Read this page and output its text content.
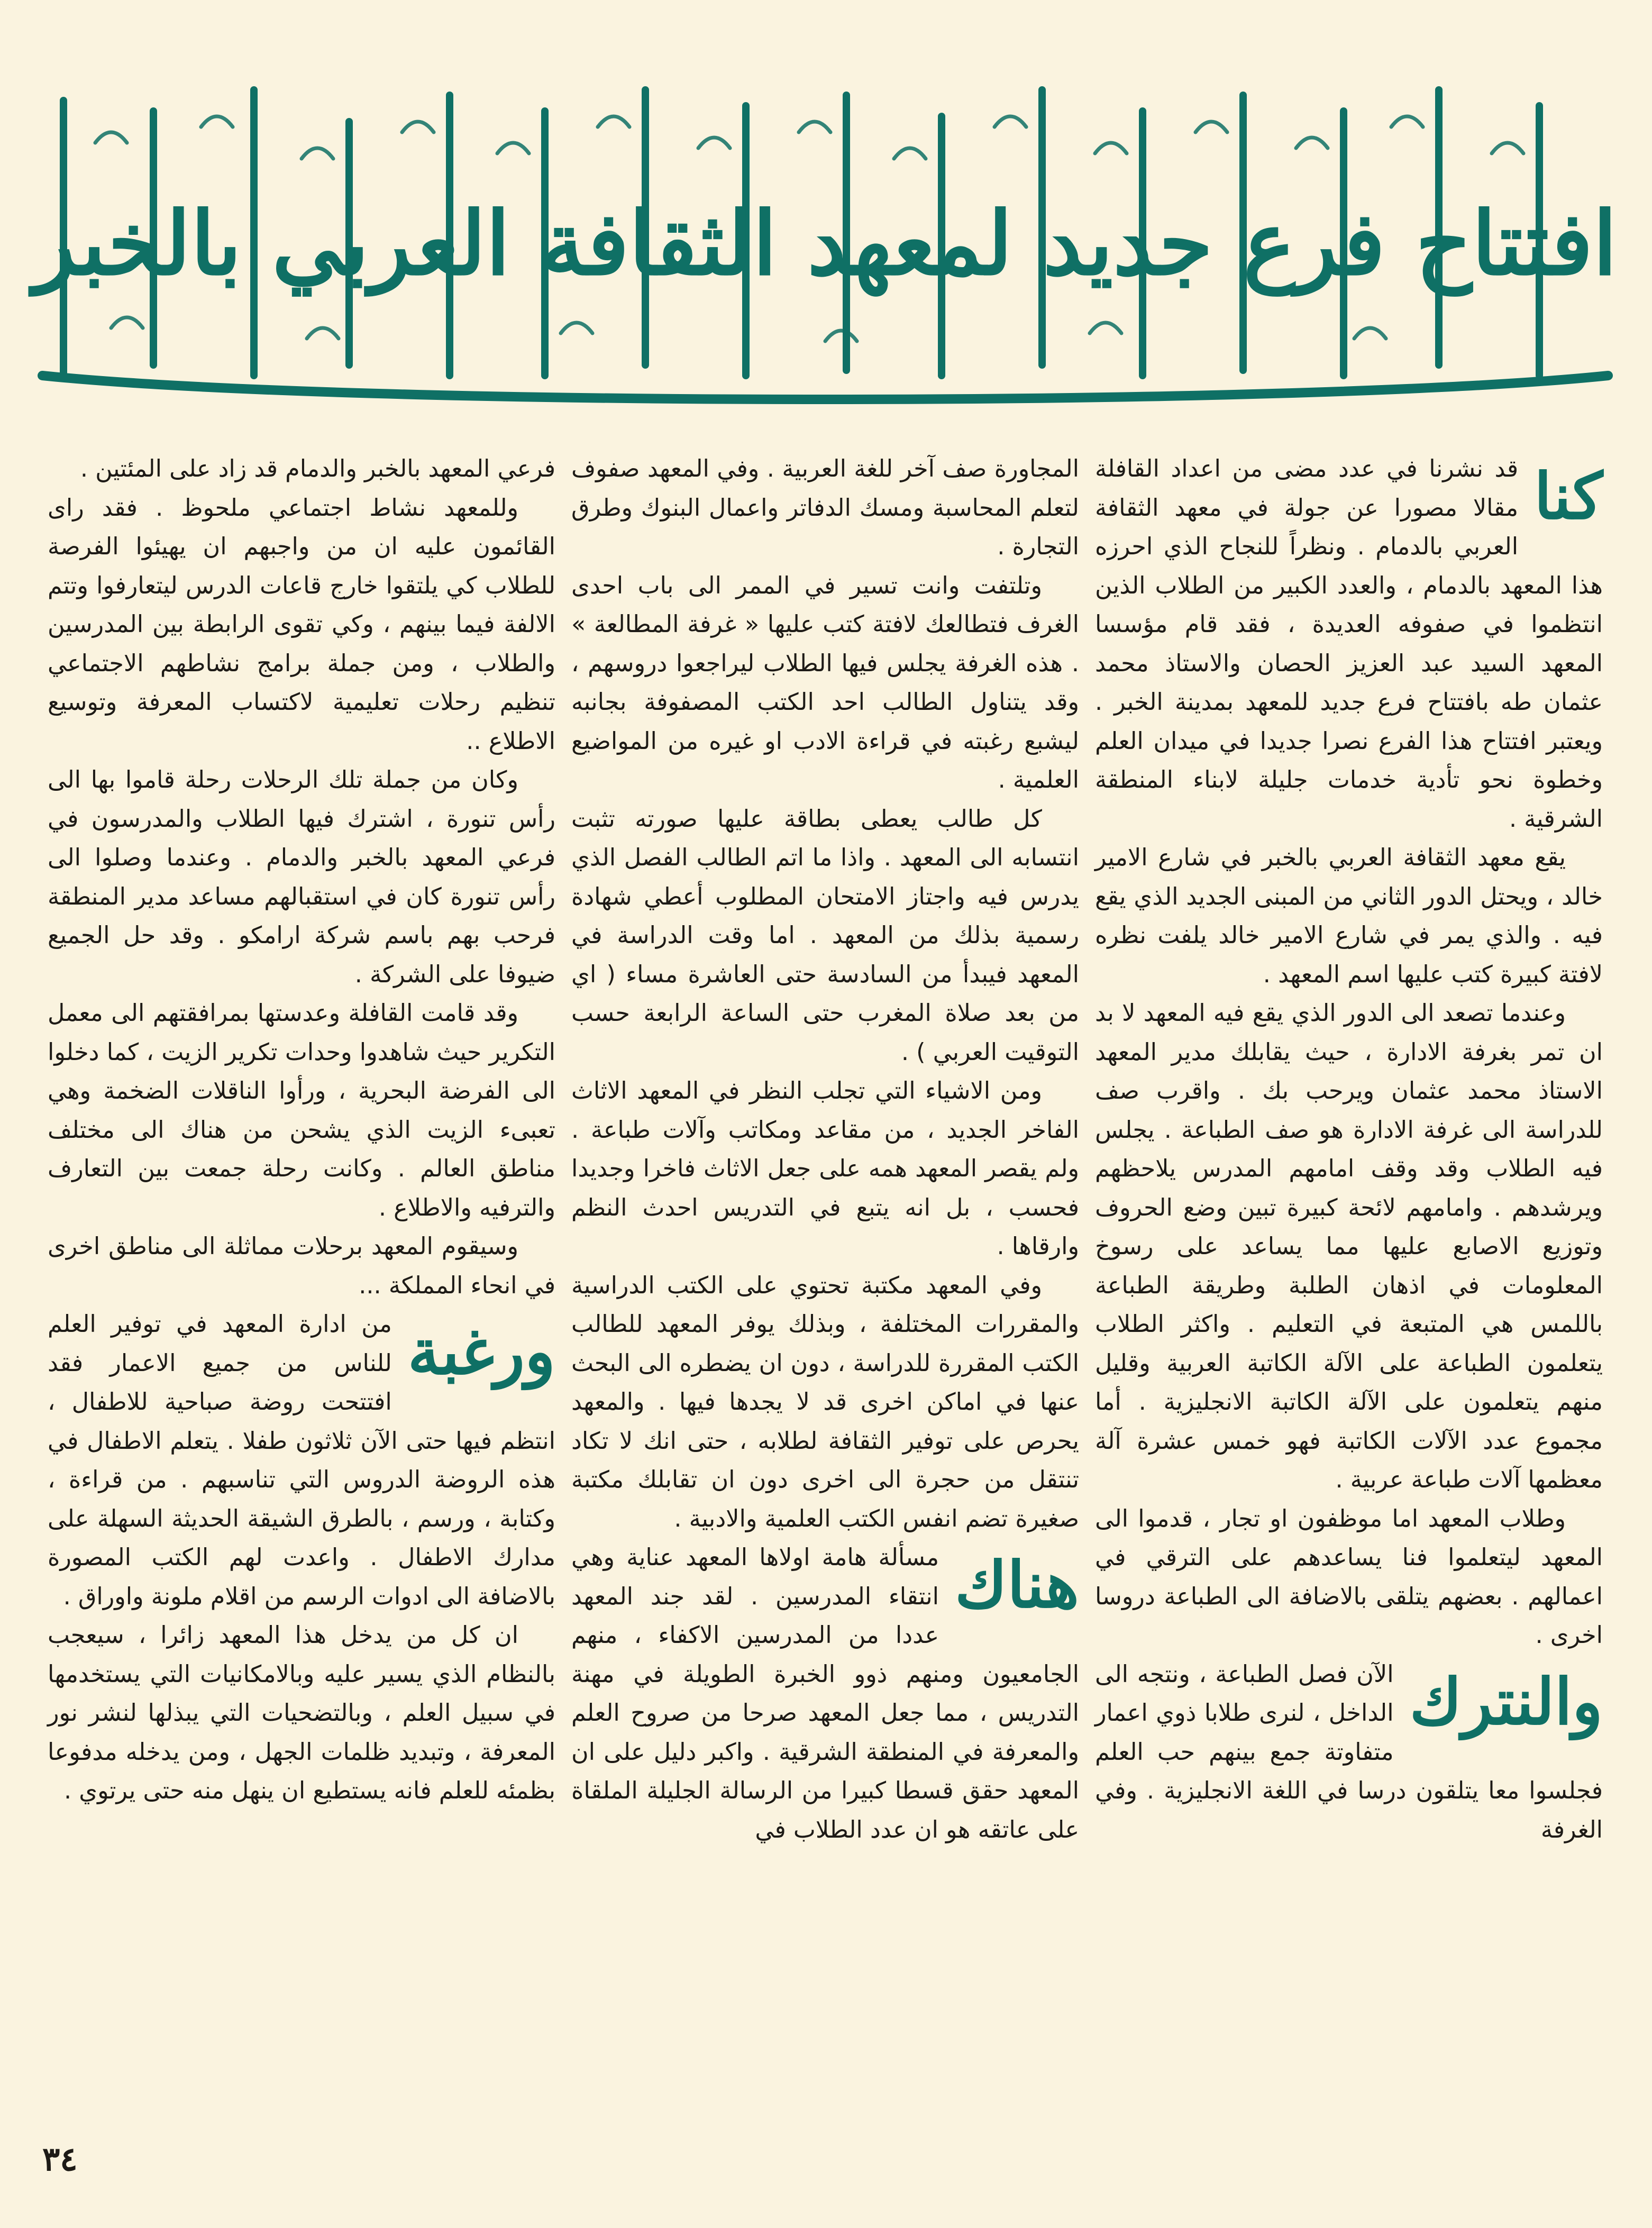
افتتاح فرع جديد لمعهد الثقافة العربي بالخبر
كنا

قد نشرنا في عدد مضى من اعداد القافلة مقالا مصورا عن جولة في معهد الثقافة العربي بالدمام . ونظراً للنجاح الذي احرزه هذا المعهد بالدمام ، والعدد الكبير من الطلاب الذين انتظموا في صفوفه العديدة ، فقد قام مؤسسا المعهد السيد عبد العزيز الحصان والاستاذ محمد عثمان طه بافتتاح فرع جديد للمعهد بمدينة الخبر . ويعتبر افتتاح هذا الفرع نصرا جديدا في ميدان العلم وخطوة نحو تأدية خدمات جليلة لابناء المنطقة الشرقية .

يقع معهد الثقافة العربي بالخبر في شارع الامير خالد ، ويحتل الدور الثاني من المبنى الجديد الذي يقع فيه . والذي يمر في شارع الامير خالد يلفت نظره لافتة كبيرة كتب عليها اسم المعهد .

وعندما تصعد الى الدور الذي يقع فيه المعهد لا بد ان تمر بغرفة الادارة ، حيث يقابلك مدير المعهد الاستاذ محمد عثمان ويرحب بك . واقرب صف للدراسة الى غرفة الادارة هو صف الطباعة . يجلس فيه الطلاب وقد وقف امامهم المدرس يلاحظهم ويرشدهم . وامامهم لائحة كبيرة تبين وضع الحروف وتوزيع الاصابع عليها مما يساعد على رسوخ المعلومات في اذهان الطلبة وطريقة الطباعة باللمس هي المتبعة في التعليم . واكثر الطلاب يتعلمون الطباعة على الآلة الكاتبة العربية وقليل منهم يتعلمون على الآلة الكاتبة الانجليزية . أما مجموع عدد الآلات الكاتبة فهو خمس عشرة آلة معظمها آلات طباعة عربية .

وطلاب المعهد اما موظفون او تجار ، قدموا الى المعهد ليتعلموا فنا يساعدهم على الترقي في اعمالهم . بعضهم يتلقى بالاضافة الى الطباعة دروسا اخرى .

والنترك

الآن فصل الطباعة ، ونتجه الى الداخل ، لنرى طلابا ذوي اعمار متفاوتة جمع بينهم حب العلم فجلسوا معا يتلقون درسا في اللغة الانجليزية . وفي الغرفة

المجاورة صف آخر للغة العربية . وفي المعهد صفوف لتعلم المحاسبة ومسك الدفاتر واعمال البنوك وطرق التجارة .

وتلتفت وانت تسير في الممر الى باب احدى الغرف فتطالعك لافتة كتب عليها « غرفة المطالعة » . هذه الغرفة يجلس فيها الطلاب ليراجعوا دروسهم ، وقد يتناول الطالب احد الكتب المصفوفة بجانبه ليشبع رغبته في قراءة الادب او غيره من المواضيع العلمية .

كل طالب يعطى بطاقة عليها صورته تثبت انتسابه الى المعهد . واذا ما اتم الطالب الفصل الذي يدرس فيه واجتاز الامتحان المطلوب أعطي شهادة رسمية بذلك من المعهد . اما وقت الدراسة في المعهد فيبدأ من السادسة حتى العاشرة مساء ( اي من بعد صلاة المغرب حتى الساعة الرابعة حسب التوقيت العربي ) .

ومن الاشياء التي تجلب النظر في المعهد الاثاث الفاخر الجديد ، من مقاعد ومكاتب وآلات طباعة . ولم يقصر المعهد همه على جعل الاثاث فاخرا وجديدا فحسب ، بل انه يتبع في التدريس احدث النظم وارقاها .

وفي المعهد مكتبة تحتوي على الكتب الدراسية والمقررات المختلفة ، وبذلك يوفر المعهد للطالب الكتب المقررة للدراسة ، دون ان يضطره الى البحث عنها في اماكن اخرى قد لا يجدها فيها . والمعهد يحرص على توفير الثقافة لطلابه ، حتى انك لا تكاد تنتقل من حجرة الى اخرى دون ان تقابلك مكتبة صغيرة تضم انفس الكتب العلمية والادبية .

هناك

مسألة هامة اولاها المعهد عناية وهي انتقاء المدرسين . لقد جند المعهد عددا من المدرسين الاكفاء ، منهم الجامعيون ومنهم ذوو الخبرة الطويلة في مهنة التدريس ، مما جعل المعهد صرحا من صروح العلم والمعرفة في المنطقة الشرقية . واكبر دليل على ان المعهد حقق قسطا كبيرا من الرسالة الجليلة الملقاة على عاتقه هو ان عدد الطلاب في

فرعي المعهد بالخبر والدمام قد زاد على المئتين .

وللمعهد نشاط اجتماعي ملحوظ . فقد راى القائمون عليه ان من واجبهم ان يهيئوا الفرصة للطلاب كي يلتقوا خارج قاعات الدرس ليتعارفوا وتتم الالفة فيما بينهم ، وكي تقوى الرابطة بين المدرسين والطلاب ، ومن جملة برامج نشاطهم الاجتماعي تنظيم رحلات تعليمية لاكتساب المعرفة وتوسيع الاطلاع ..

وكان من جملة تلك الرحلات رحلة قاموا بها الى رأس تنورة ، اشترك فيها الطلاب والمدرسون في فرعي المعهد بالخبر والدمام . وعندما وصلوا الى رأس تنورة كان في استقبالهم مساعد مدير المنطقة فرحب بهم باسم شركة ارامكو . وقد حل الجميع ضيوفا على الشركة .

وقد قامت القافلة وعدستها بمرافقتهم الى معمل التكرير حيث شاهدوا وحدات تكرير الزيت ، كما دخلوا الى الفرضة البحرية ، ورأوا الناقلات الضخمة وهي تعبىء الزيت الذي يشحن من هناك الى مختلف مناطق العالم . وكانت رحلة جمعت بين التعارف والترفيه والاطلاع .

وسيقوم المعهد برحلات مماثلة الى مناطق اخرى في انحاء المملكة ...

ورغبة

من ادارة المعهد في توفير العلم للناس من جميع الاعمار فقد افتتحت روضة صباحية للاطفال ، انتظم فيها حتى الآن ثلاثون طفلا . يتعلم الاطفال في هذه الروضة الدروس التي تناسبهم . من قراءة ، وكتابة ، ورسم ، بالطرق الشيقة الحديثة السهلة على مدارك الاطفال . واعدت لهم الكتب المصورة بالاضافة الى ادوات الرسم من اقلام ملونة واوراق .

ان كل من يدخل هذا المعهد زائرا ، سيعجب بالنظام الذي يسير عليه وبالامكانيات التي يستخدمها في سبيل العلم ، وبالتضحيات التي يبذلها لنشر نور المعرفة ، وتبديد ظلمات الجهل ، ومن يدخله مدفوعا بظمئه للعلم فانه يستطيع ان ينهل منه حتى يرتوي .

٣٤
